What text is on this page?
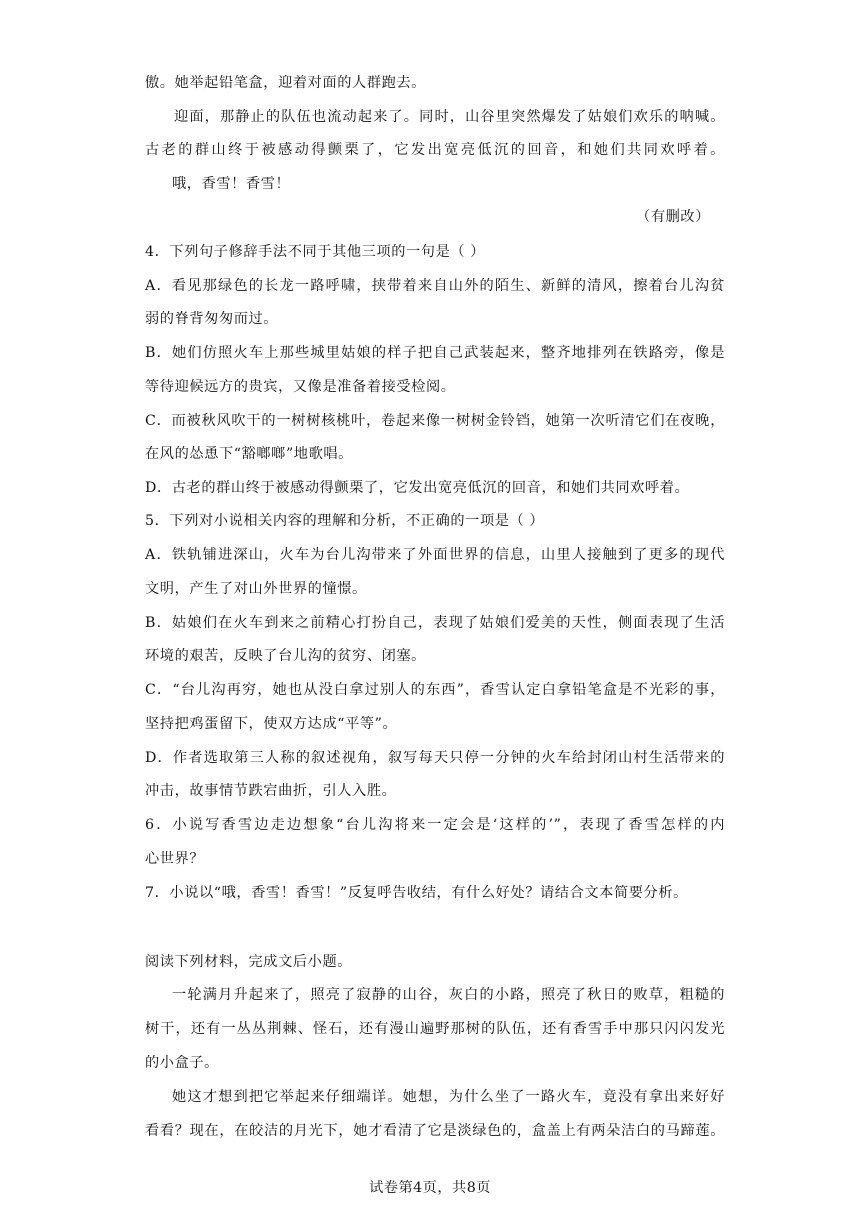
傲。她举起铅笔盒，迎着对面的人群跑去。
迎面，那静止的队伍也流动起来了。同时，山谷里突然爆发了姑娘们欢乐的呐喊。
古老的群山终于被感动得颤栗了，它发出宽亮低沉的回音，和她们共同欢呼着。
哦，香雪！香雪！
（有删改）
4．下列句子修辞手法不同于其他三项的一句是（ ）
A．看见那绿色的长龙一路呼啸，挟带着来自山外的陌生、新鲜的清风，擦着台儿沟贫
弱的脊背匆匆而过。
B．她们仿照火车上那些城里姑娘的样子把自己武装起来，整齐地排列在铁路旁，像是
等待迎候远方的贵宾，又像是准备着接受检阅。
C．而被秋风吹干的一树树核桃叶，卷起来像一树树金铃铛，她第一次听清它们在夜晚，
在风的怂恿下“豁啷啷”地歌唱。
D．古老的群山终于被感动得颤栗了，它发出宽亮低沉的回音，和她们共同欢呼着。
5．下列对小说相关内容的理解和分析，不正确的一项是（ ）
A．铁轨铺进深山，火车为台儿沟带来了外面世界的信息，山里人接触到了更多的现代
文明，产生了对山外世界的憧憬。
B．姑娘们在火车到来之前精心打扮自己，表现了姑娘们爱美的天性，侧面表现了生活
环境的艰苦，反映了台儿沟的贫穷、闭塞。
C．“台儿沟再穷，她也从没白拿过别人的东西”，香雪认定白拿铅笔盒是不光彩的事，
坚持把鸡蛋留下，使双方达成“平等”。
D．作者选取第三人称的叙述视角，叙写每天只停一分钟的火车给封闭山村生活带来的
冲击，故事情节跌宕曲折，引人入胜。
6．小说写香雪边走边想象“台儿沟将来一定会是‘这样的’”，表现了香雪怎样的内
心世界？
7．小说以“哦，香雪！香雪！”反复呼告收结，有什么好处？请结合文本简要分析。
阅读下列材料，完成文后小题。
一轮满月升起来了，照亮了寂静的山谷，灰白的小路，照亮了秋日的败草，粗糙的
树干，还有一丛丛荆棘、怪石，还有漫山遍野那树的队伍，还有香雪手中那只闪闪发光
的小盒子。
她这才想到把它举起来仔细端详。她想，为什么坐了一路火车，竟没有拿出来好好
看看？现在，在皎洁的月光下，她才看清了它是淡绿色的，盒盖上有两朵洁白的马蹄莲。
试卷第4页，共8页
